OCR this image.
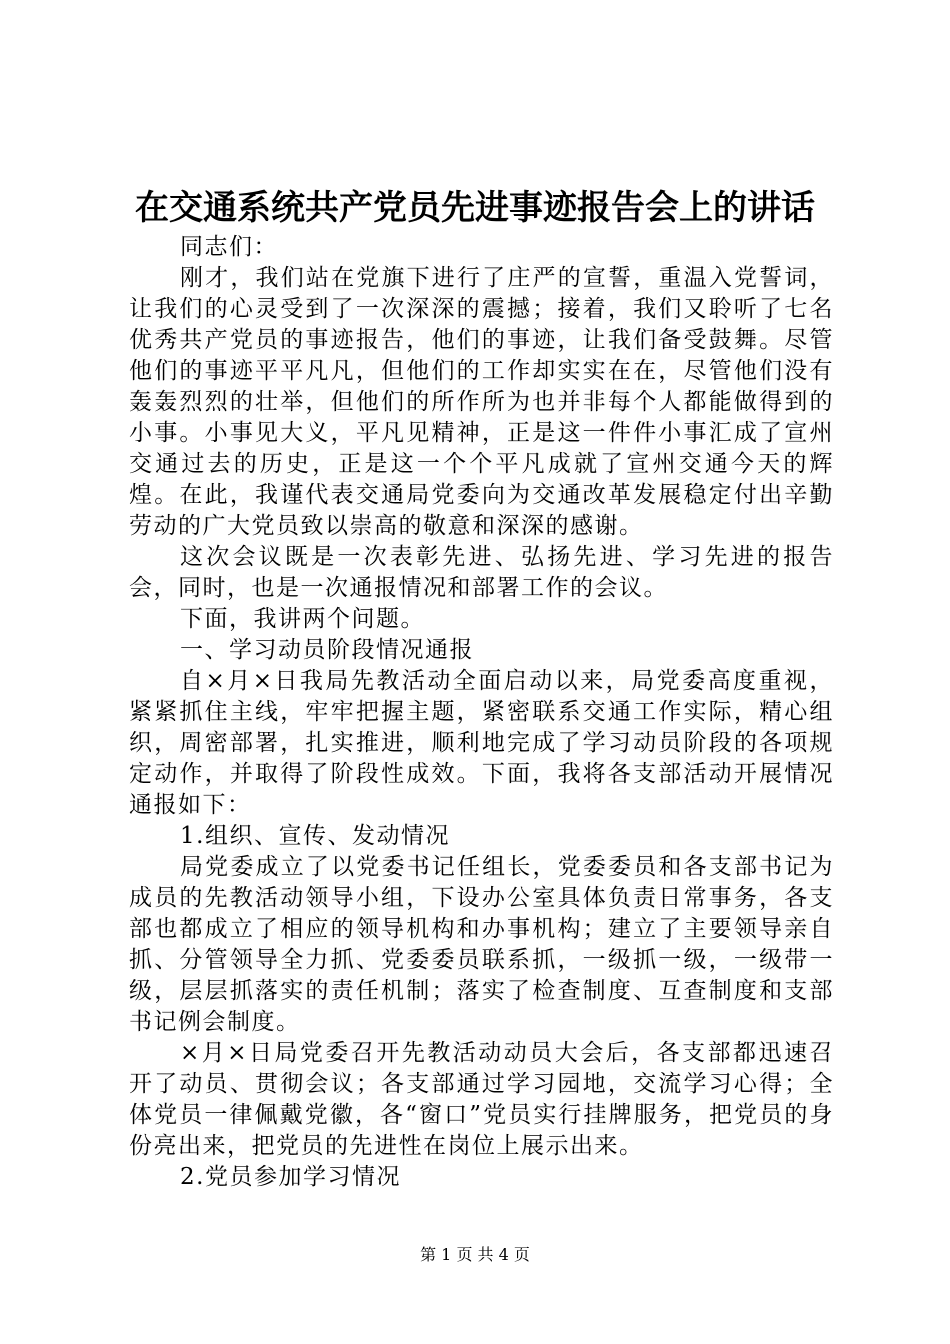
在交通系统共产党员先进事迹报告会上的讲话

同志们：

刚才，我们站在党旗下进行了庄严的宣誓，重温入党誓词，让我们的心灵受到了一次深深的震撼；接着，我们又聆听了七名优秀共产党员的事迹报告，他们的事迹，让我们备受鼓舞。尽管他们的事迹平平凡凡，但他们的工作却实实在在，尽管他们没有轰轰烈烈的壮举，但他们的所作所为也并非每个人都能做得到的小事。小事见大义，平凡见精神，正是这一件件小事汇成了宣州交通过去的历史，正是这一个个平凡成就了宣州交通今天的辉煌。在此，我谨代表交通局党委向为交通改革发展稳定付出辛勤劳动的广大党员致以崇高的敬意和深深的感谢。

这次会议既是一次表彰先进、弘扬先进、学习先进的报告会，同时，也是一次通报情况和部署工作的会议。

下面，我讲两个问题。

一、学习动员阶段情况通报

自×月×日我局先教活动全面启动以来，局党委高度重视，紧紧抓住主线，牢牢把握主题，紧密联系交通工作实际，精心组织，周密部署，扎实推进，顺利地完成了学习动员阶段的各项规定动作，并取得了阶段性成效。下面，我将各支部活动开展情况通报如下：

1.组织、宣传、发动情况

局党委成立了以党委书记任组长，党委委员和各支部书记为成员的先教活动领导小组，下设办公室具体负责日常事务，各支部也都成立了相应的领导机构和办事机构；建立了主要领导亲自抓、分管领导全力抓、党委委员联系抓，一级抓一级，一级带一级，层层抓落实的责任机制；落实了检查制度、互查制度和支部书记例会制度。

×月×日局党委召开先教活动动员大会后，各支部都迅速召开了动员、贯彻会议；各支部通过学习园地，交流学习心得；全体党员一律佩戴党徽，各“窗口”党员实行挂牌服务，把党员的身份亮出来，把党员的先进性在岗位上展示出来。

2.党员参加学习情况

第 1 页 共 4 页
